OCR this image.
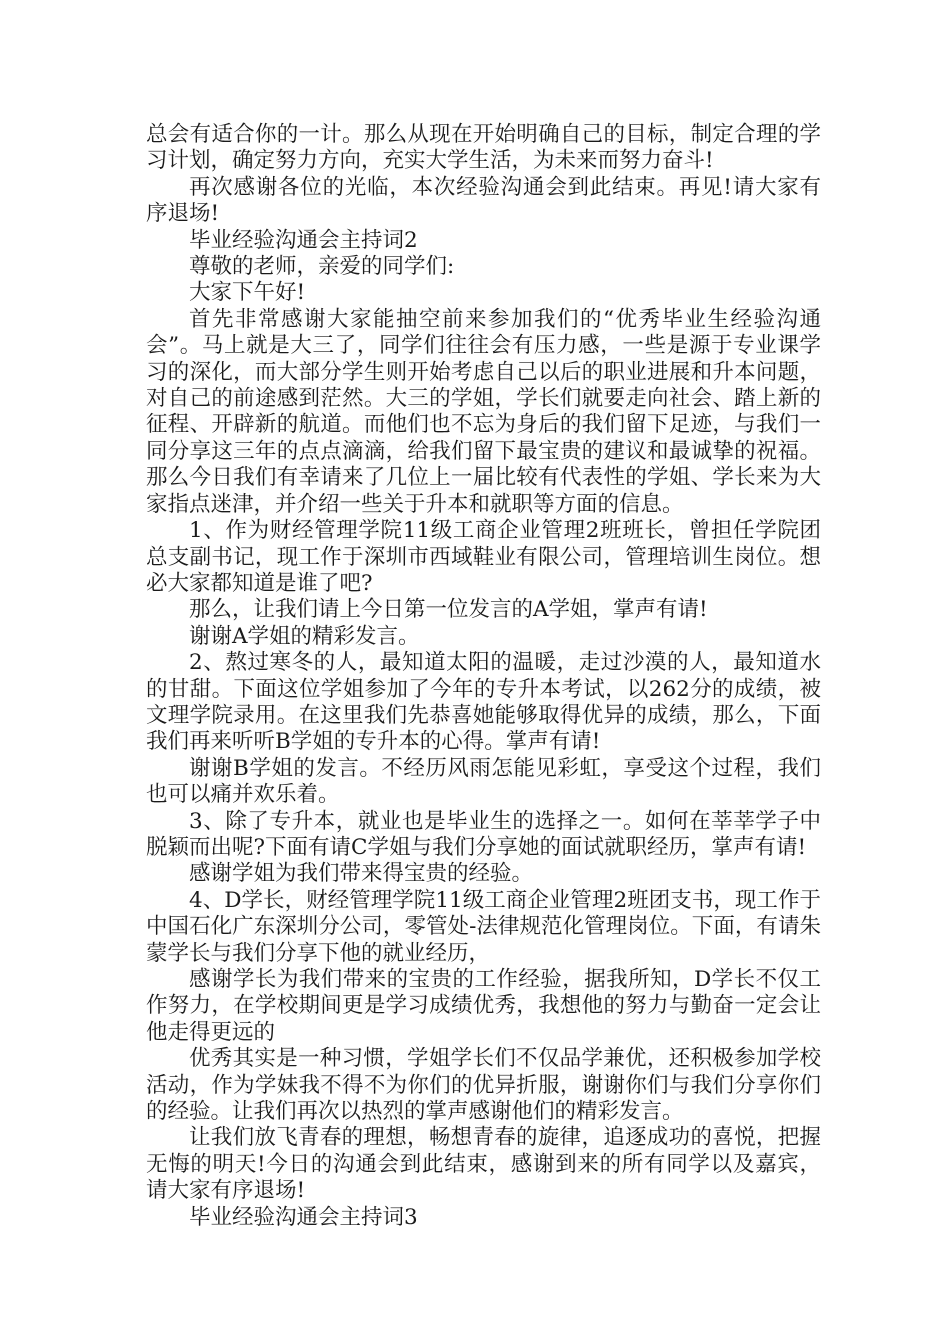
总会有适合你的一计。那么从现在开始明确自己的目标，制定合理的学习计划，确定努力方向，充实大学生活，为未来而努力奋斗!

再次感谢各位的光临，本次经验沟通会到此结束。再见!请大家有序退场!

毕业经验沟通会主持词2

尊敬的老师，亲爱的同学们:

大家下午好!

首先非常感谢大家能抽空前来参加我们的“优秀毕业生经验沟通会”。马上就是大三了，同学们往往会有压力感，一些是源于专业课学习的深化，而大部分学生则开始考虑自己以后的职业进展和升本问题，对自己的前途感到茫然。大三的学姐，学长们就要走向社会、踏上新的征程、开辟新的航道。而他们也不忘为身后的我们留下足迹，与我们一同分享这三年的点点滴滴，给我们留下最宝贵的建议和最诚挚的祝福。那么今日我们有幸请来了几位上一届比较有代表性的学姐、学长来为大家指点迷津，并介绍一些关于升本和就职等方面的信息。

1、作为财经管理学院11级工商企业管理2班班长，曾担任学院团总支副书记，现工作于深圳市西域鞋业有限公司，管理培训生岗位。想必大家都知道是谁了吧?

那么，让我们请上今日第一位发言的A学姐，掌声有请!

谢谢A学姐的精彩发言。

2、熬过寒冬的人，最知道太阳的温暖，走过沙漠的人，最知道水的甘甜。下面这位学姐参加了今年的专升本考试，以262分的成绩，被文理学院录用。在这里我们先恭喜她能够取得优异的成绩，那么，下面我们再来听听B学姐的专升本的心得。掌声有请!

谢谢B学姐的发言。不经历风雨怎能见彩虹，享受这个过程，我们也可以痛并欢乐着。

3、除了专升本，就业也是毕业生的选择之一。如何在莘莘学子中脱颖而出呢?下面有请C学姐与我们分享她的面试就职经历，掌声有请!

感谢学姐为我们带来得宝贵的经验。

4、D学长，财经管理学院11级工商企业管理2班团支书，现工作于中国石化广东深圳分公司，零管处-法律规范化管理岗位。下面，有请朱蒙学长与我们分享下他的就业经历，

感谢学长为我们带来的宝贵的工作经验，据我所知，D学长不仅工作努力，在学校期间更是学习成绩优秀，我想他的努力与勤奋一定会让他走得更远的

优秀其实是一种习惯，学姐学长们不仅品学兼优，还积极参加学校活动，作为学妹我不得不为你们的优异折服，谢谢你们与我们分享你们的经验。让我们再次以热烈的掌声感谢他们的精彩发言。

让我们放飞青春的理想，畅想青春的旋律，追逐成功的喜悦，把握无悔的明天!今日的沟通会到此结束，感谢到来的所有同学以及嘉宾，请大家有序退场!

毕业经验沟通会主持词3
